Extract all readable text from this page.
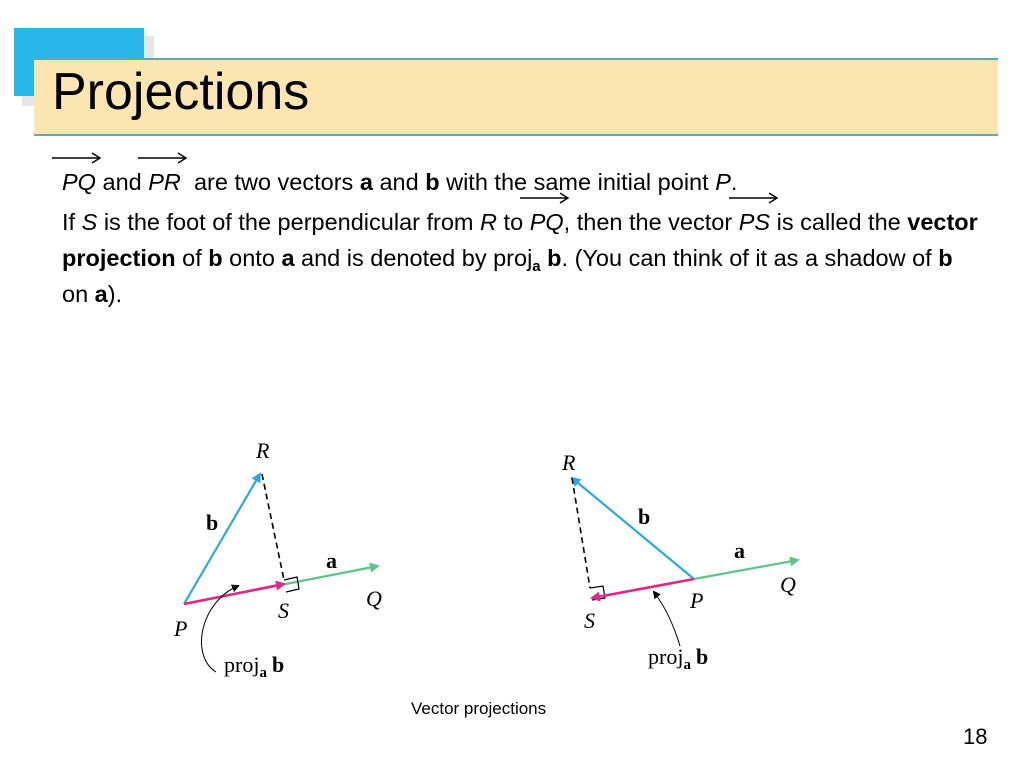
Projections

PQ and PR are two vectors a and b with the same initial point P.

If S is the foot of the perpendicular from R to PQ, then the vector PS is called the vector projection of b onto a and is denoted by proj$_a$ b. (You can think of it as a shadow of b on a).

R
b
a
Q
S
P
proj$_a$ b
R
b
a
Q
P
S
proj$_a$ b

Vector projections

18
